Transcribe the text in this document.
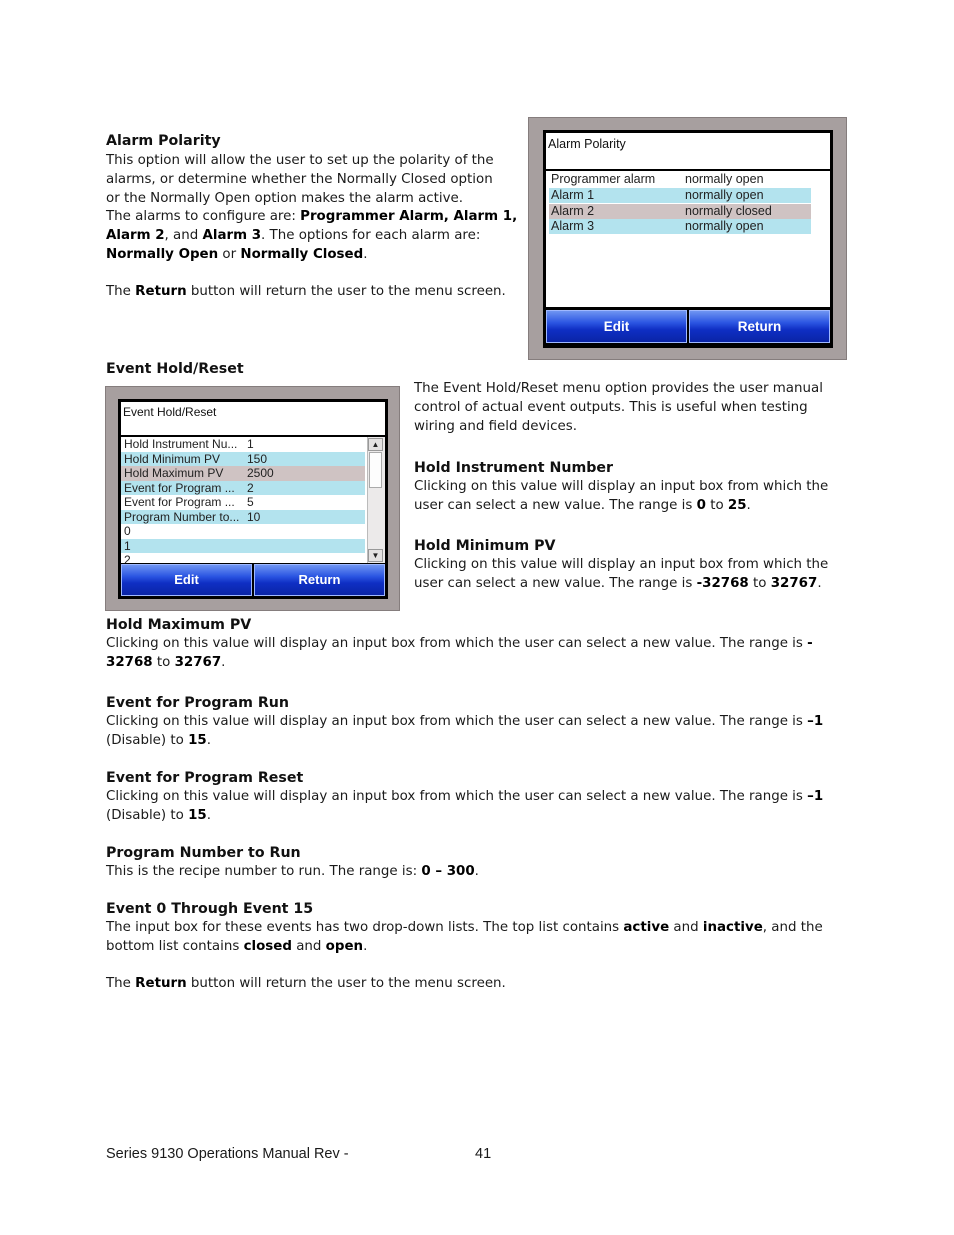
Alarm Polarity
This option will allow the user to set up the polarity of the
alarms, or determine whether the Normally Closed option
or the Normally Open option makes the alarm active.
The alarms to configure are: Programmer Alarm, Alarm 1,
Alarm 2, and Alarm 3. The options for each alarm are:
Normally Open or Normally Closed.
The Return button will return the user to the menu screen.
Alarm Polarity
Programmer alarm normally open
Alarm 1	normally open
Alarm 2	normally closed
Alarm 3	normally open
Edit	Return
Event Hold/Reset
Event Hold/Reset
Hold Instrument Nu... 1
Hold Minimum PV 150
Hold Maximum PV 2500
Event for Program ... 2
Event for Program ... 5
Program Number to... 10
0
1
2
▲
▼
Edit	Return
The Event Hold/Reset menu option provides the user manual
control of actual event outputs. This is useful when testing
wiring and field devices.
Hold Instrument Number
Clicking on this value will display an input box from which the
user can select a new value. The range is 0 to 25.
Hold Minimum PV
Clicking on this value will display an input box from which the
user can select a new value. The range is -32768 to 32767.
Hold Maximum PV
Clicking on this value will display an input box from which the user can select a new value. The range is -
32768 to 32767.
Event for Program Run
Clicking on this value will display an input box from which the user can select a new value. The range is –1
(Disable) to 15.
Event for Program Reset
Clicking on this value will display an input box from which the user can select a new value. The range is –1
(Disable) to 15.
Program Number to Run
This is the recipe number to run. The range is: 0 – 300.
Event 0 Through Event 15
The input box for these events has two drop-down lists. The top list contains active and inactive, and the
bottom list contains closed and open.
The Return button will return the user to the menu screen.
Series 9130 Operations Manual Rev -	41
